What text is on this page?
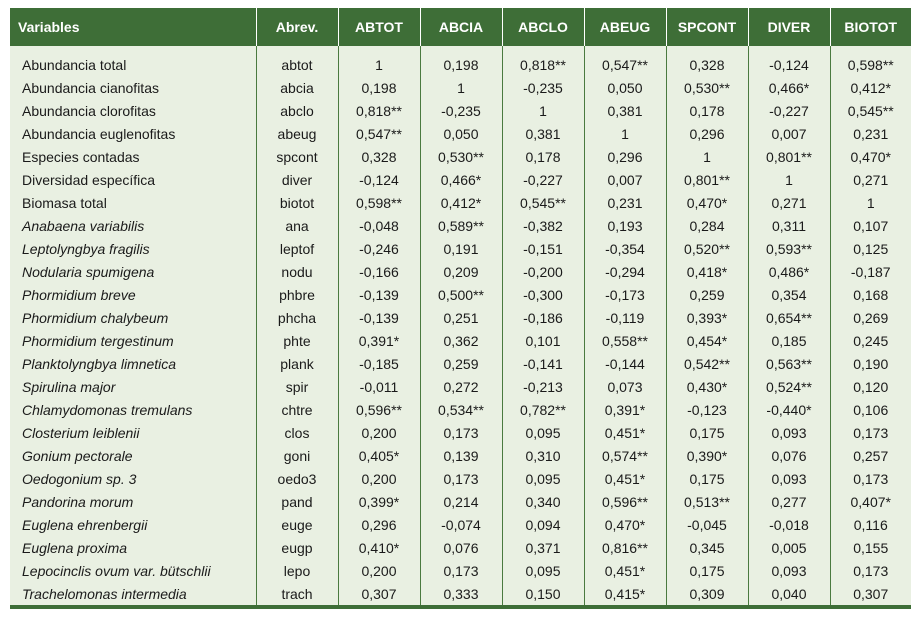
Variables	Abrev.	ABTOT	ABCIA	ABCLO	ABEUG	SPCONT	DIVER	BIOTOT

Abundancia total	abtot	1	0,198	0,818**	0,547**	0,328	-0,124	0,598**
Abundancia cianofitas	abcia	0,198	1	-0,235	0,050	0,530**	0,466*	0,412*
Abundancia clorofitas	abclo	0,818**	-0,235	1	0,381	0,178	-0,227	0,545**
Abundancia euglenofitas	abeug	0,547**	0,050	0,381	1	0,296	0,007	0,231
Especies contadas	spcont	0,328	0,530**	0,178	0,296	1	0,801**	0,470*
Diversidad específica	diver	-0,124	0,466*	-0,227	0,007	0,801**	1	0,271
Biomasa total	biotot	0,598**	0,412*	0,545**	0,231	0,470*	0,271	1
Anabaena variabilis	ana	-0,048	0,589**	-0,382	0,193	0,284	0,311	0,107
Leptolyngbya fragilis	leptof	-0,246	0,191	-0,151	-0,354	0,520**	0,593**	0,125
Nodularia spumigena	nodu	-0,166	0,209	-0,200	-0,294	0,418*	0,486*	-0,187
Phormidium breve	phbre	-0,139	0,500**	-0,300	-0,173	0,259	0,354	0,168
Phormidium chalybeum	phcha	-0,139	0,251	-0,186	-0,119	0,393*	0,654**	0,269
Phormidium tergestinum	phte	0,391*	0,362	0,101	0,558**	0,454*	0,185	0,245
Planktolyngbya limnetica	plank	-0,185	0,259	-0,141	-0,144	0,542**	0,563**	0,190
Spirulina major	spir	-0,011	0,272	-0,213	0,073	0,430*	0,524**	0,120
Chlamydomonas tremulans	chtre	0,596**	0,534**	0,782**	0,391*	-0,123	-0,440*	0,106
Closterium leiblenii	clos	0,200	0,173	0,095	0,451*	0,175	0,093	0,173
Gonium pectorale	goni	0,405*	0,139	0,310	0,574**	0,390*	0,076	0,257
Oedogonium sp. 3	oedo3	0,200	0,173	0,095	0,451*	0,175	0,093	0,173
Pandorina morum	pand	0,399*	0,214	0,340	0,596**	0,513**	0,277	0,407*
Euglena ehrenbergii	euge	0,296	-0,074	0,094	0,470*	-0,045	-0,018	0,116
Euglena proxima	eugp	0,410*	0,076	0,371	0,816**	0,345	0,005	0,155
Lepocinclis ovum var. bütschlii	lepo	0,200	0,173	0,095	0,451*	0,175	0,093	0,173
Trachelomonas intermedia	trach	0,307	0,333	0,150	0,415*	0,309	0,040	0,307
